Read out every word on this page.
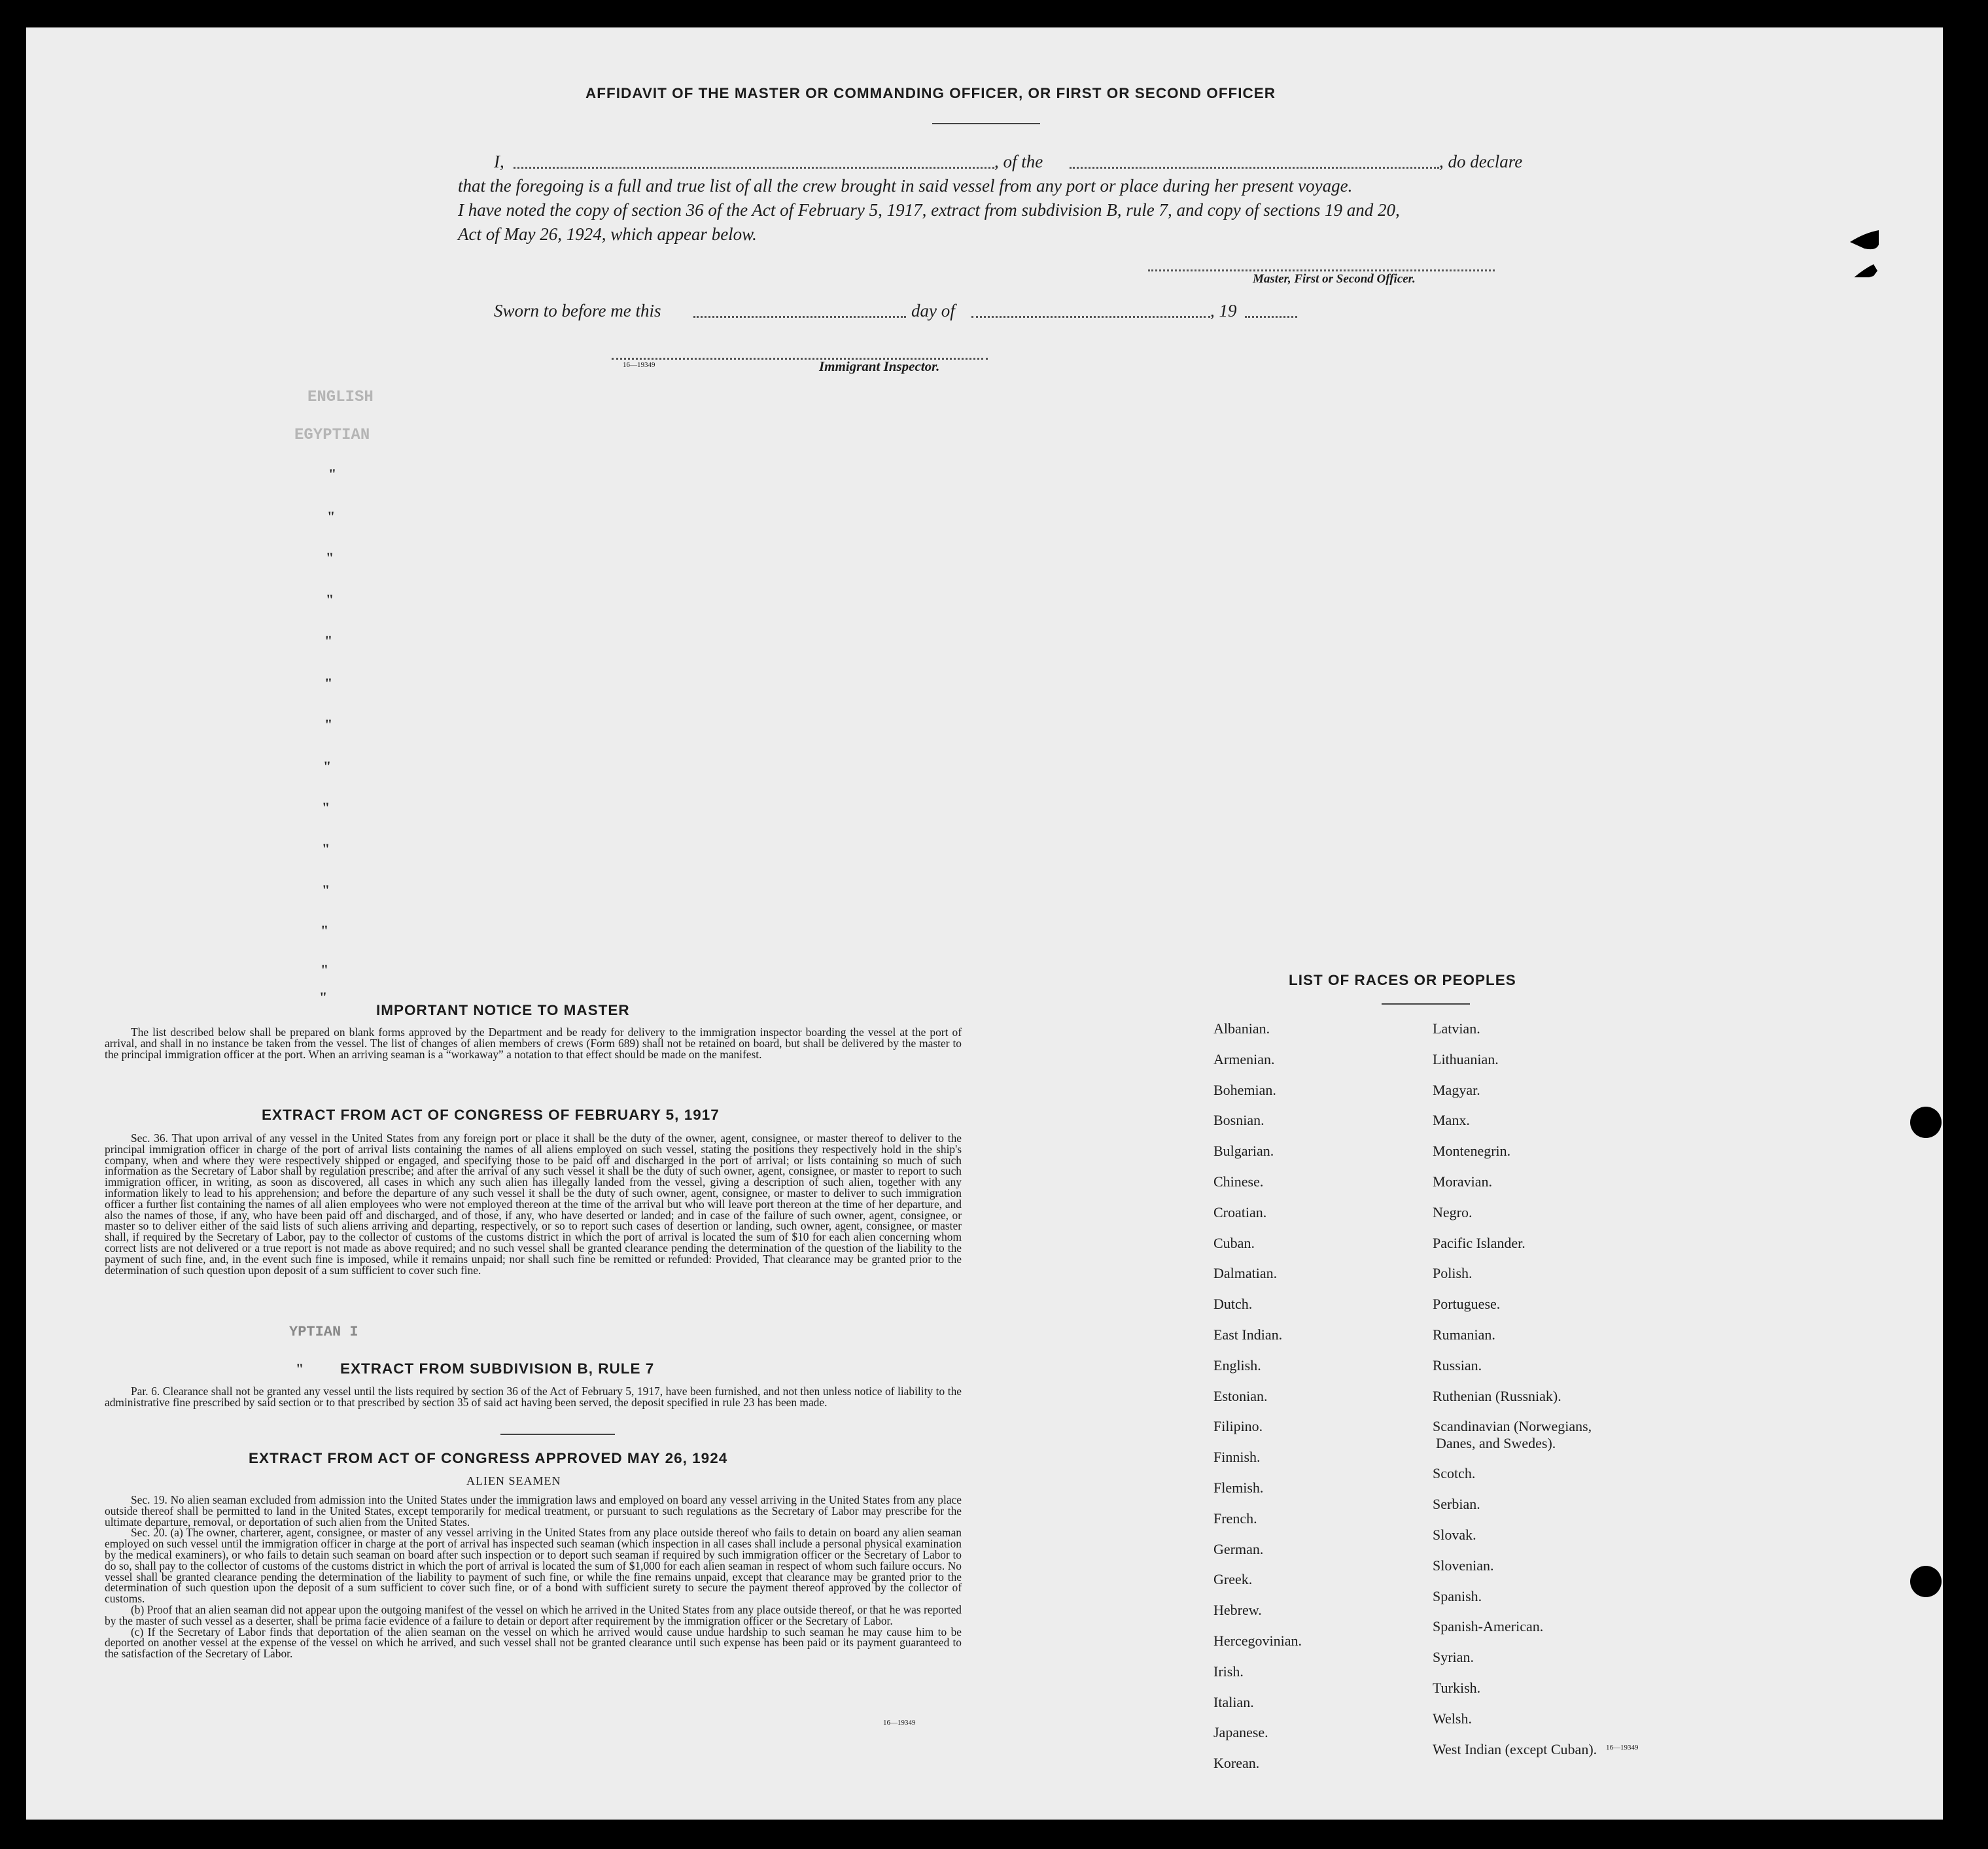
AFFIDAVIT OF THE MASTER OR COMMANDING OFFICER, OR FIRST OR SECOND OFFICER
I,	, of the	, do declare
that the foregoing is a full and true list of all the crew brought in said vessel from any port or place during her present voyage.
I have noted the copy of section 36 of the Act of February 5, 1917, extract from subdivision B, rule 7, and copy of sections 19 and 20,
Act of May 26, 1924, which appear below.
Master, First or Second Officer.
Sworn to before me this	day of	, 19
16—19349	Immigrant Inspector.
ENGLISH
EGYPTIAN
"
"
"
"
"
"
"
"
"
"
"
"
"
"
YPTIAN I
"
IMPORTANT NOTICE TO MASTER
The list described below shall be prepared on blank forms approved by the Department and be ready for delivery to the immigration inspector boarding the vessel at the port of arrival, and shall in no instance be taken from the vessel. The list of changes of alien members of crews (Form 689) shall not be retained on board, but shall be delivered by the master to the principal immigration officer at the port. When an arriving seaman is a “workaway” a notation to that effect should be made on the manifest.
EXTRACT FROM ACT OF CONGRESS OF FEBRUARY 5, 1917
Sec. 36. That upon arrival of any vessel in the United States from any foreign port or place it shall be the duty of the owner, agent, consignee, or master thereof to deliver to the principal immigration officer in charge of the port of arrival lists containing the names of all aliens employed on such vessel, stating the positions they respectively hold in the ship's company, when and where they were respectively shipped or engaged, and specifying those to be paid off and discharged in the port of arrival; or lists containing so much of such information as the Secretary of Labor shall by regulation prescribe; and after the arrival of any such vessel it shall be the duty of such owner, agent, consignee, or master to report to such immigration officer, in writing, as soon as discovered, all cases in which any such alien has illegally landed from the vessel, giving a description of such alien, together with any information likely to lead to his apprehension; and before the departure of any such vessel it shall be the duty of such owner, agent, consignee, or master to deliver to such immigration officer a further list containing the names of all alien employees who were not employed thereon at the time of the arrival but who will leave port thereon at the time of her departure, and also the names of those, if any, who have been paid off and discharged, and of those, if any, who have deserted or landed; and in case of the failure of such owner, agent, consignee, or master so to deliver either of the said lists of such aliens arriving and departing, respectively, or so to report such cases of desertion or landing, such owner, agent, consignee, or master shall, if required by the Secretary of Labor, pay to the collector of customs of the customs district in which the port of arrival is located the sum of $10 for each alien concerning whom correct lists are not delivered or a true report is not made as above required; and no such vessel shall be granted clearance pending the determination of the question of the liability to the payment of such fine, and, in the event such fine is imposed, while it remains unpaid; nor shall such fine be remitted or refunded: Provided, That clearance may be granted prior to the determination of such question upon deposit of a sum sufficient to cover such fine.
EXTRACT FROM SUBDIVISION B, RULE 7
Par. 6. Clearance shall not be granted any vessel until the lists required by section 36 of the Act of February 5, 1917, have been furnished, and not then unless notice of liability to the administrative fine prescribed by said section or to that prescribed by section 35 of said act having been served, the deposit specified in rule 23 has been made.
EXTRACT FROM ACT OF CONGRESS APPROVED MAY 26, 1924
ALIEN SEAMEN
Sec. 19. No alien seaman excluded from admission into the United States under the immigration laws and employed on board any vessel arriving in the United States from any place outside thereof shall be permitted to land in the United States, except temporarily for medical treatment, or pursuant to such regulations as the Secretary of Labor may prescribe for the ultimate departure, removal, or deportation of such alien from the United States.
Sec. 20. (a) The owner, charterer, agent, consignee, or master of any vessel arriving in the United States from any place outside thereof who fails to detain on board any alien seaman employed on such vessel until the immigration officer in charge at the port of arrival has inspected such seaman (which inspection in all cases shall include a personal physical examination by the medical examiners), or who fails to detain such seaman on board after such inspection or to deport such seaman if required by such immigration officer or the Secretary of Labor to do so, shall pay to the collector of customs of the customs district in which the port of arrival is located the sum of $1,000 for each alien seaman in respect of whom such failure occurs. No vessel shall be granted clearance pending the determination of the liability to payment of such fine, or while the fine remains unpaid, except that clearance may be granted prior to the determination of such question upon the deposit of a sum sufficient to cover such fine, or of a bond with sufficient surety to secure the payment thereof approved by the collector of customs.
(b) Proof that an alien seaman did not appear upon the outgoing manifest of the vessel on which he arrived in the United States from any place outside thereof, or that he was reported by the master of such vessel as a deserter, shall be prima facie evidence of a failure to detain or deport after requirement by the immigration officer or the Secretary of Labor.
(c) If the Secretary of Labor finds that deportation of the alien seaman on the vessel on which he arrived would cause undue hardship to such seaman he may cause him to be deported on another vessel at the expense of the vessel on which he arrived, and such vessel shall not be granted clearance until such expense has been paid or its payment guaranteed to the satisfaction of the Secretary of Labor.
16—19349
LIST OF RACES OR PEOPLES
Albanian.
Armenian.
Bohemian.
Bosnian.
Bulgarian.
Chinese.
Croatian.
Cuban.
Dalmatian.
Dutch.
East Indian.
English.
Estonian.
Filipino.
Finnish.
Flemish.
French.
German.
Greek.
Hebrew.
Hercegovinian.
Irish.
Italian.
Japanese.
Korean.
Latvian.
Lithuanian.
Magyar.
Manx.
Montenegrin.
Moravian.
Negro.
Pacific Islander.
Polish.
Portuguese.
Rumanian.
Russian.
Ruthenian (Russniak).
Scandinavian (Norwegians,
Danes, and Swedes).
Scotch.
Serbian.
Slovak.
Slovenian.
Spanish.
Spanish-American.
Syrian.
Turkish.
Welsh.
West Indian (except Cuban). 16—19349
